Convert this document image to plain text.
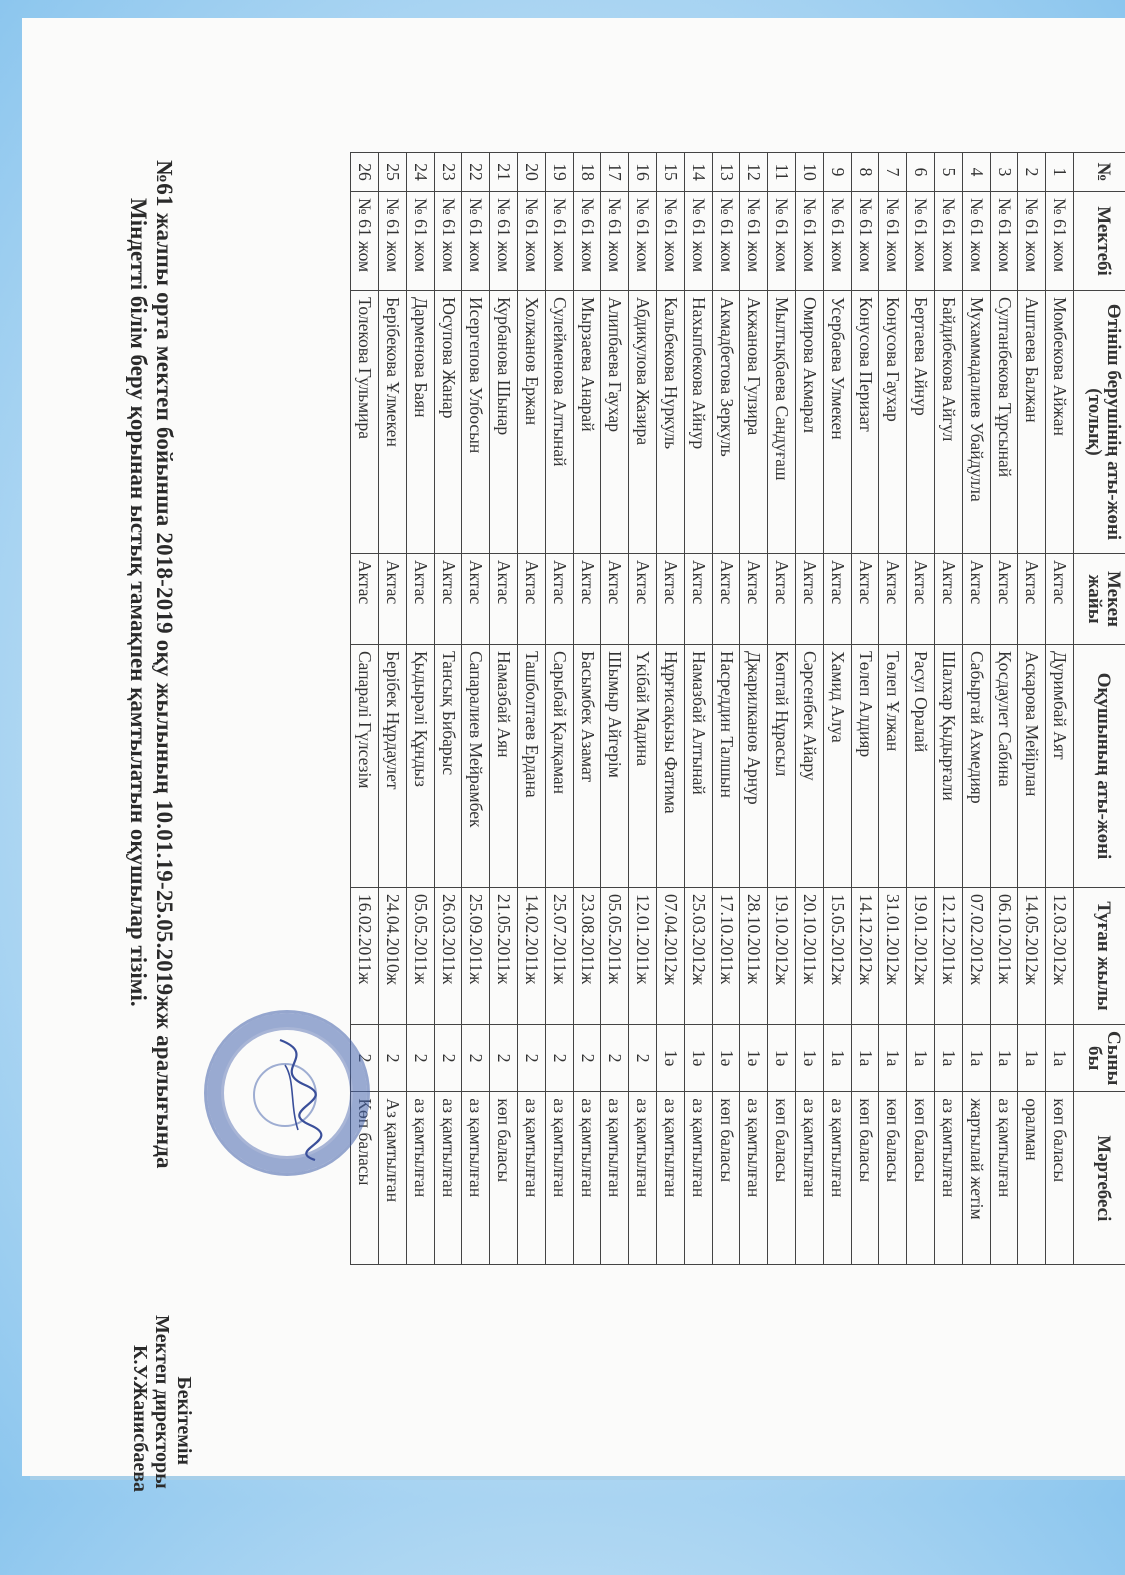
№	Мектебі	Өтініш берушінің аты-жөні (толық)	Мекен жайы	Оқушының аты-жөні	Туған жылы	Сыны бы	Мәртебесі
1	№ 61 жом	Момбекова Айжан	Актас	Дуримбай Аят	12.03.2012ж	1а	көп баласы
2	№ 61 жом	Аштаева Балжан	Актас	Аскарова Мейірлан	14.05.2012ж	1а	оралман
3	№ 61 жом	Султанбекова Тұрсынай	Актас	Қосдаулет Сабина	06.10.2011ж	1а	аз қамтылған
4	№ 61 жом	Мухаммадалиев Убайдулла	Актас	Сабыргай Ахмедияр	07.02.2012ж	1а	жартылай жетім
5	№ 61 жом	Байдибекова Айгул	Актас	Шалхар Қыдырғали	12.12.2011ж	1а	аз қамтылған
6	№ 61 жом	Бертаева Айнур	Актас	Расул Оралай	19.01.2012ж	1а	көп баласы
7	№ 61 жом	Конусова Гаухар	Актас	Төлеп Ұлжан	31.01.2012ж	1а	көп баласы
8	№ 61 жом	Конусова Перизат	Актас	Төлеп Алдияр	14.12.2012ж	1а	көп баласы
9	№ 61 жом	Усербаева Улмекен	Актас	Хамид Алуа	15.05.2012ж	1а	аз қамтылған
10	№ 61 жом	Омирова Акмарал	Актас	Сәрсенбек Айару	20.10.2011ж	1ә	аз қамтылған
11	№ 61 жом	Мылтықбаева Сандуғаш	Актас	Көптай Нұрасыл	19.10.2012ж	1ә	көп баласы
12	№ 61 жом	Акжанова Гулзира	Актас	Джарилканов Арнур	28.10.2011ж	1ә	аз қамтылған
13	№ 61 жом	Акмадбетова Зеркуль	Актас	Насреддин Талшын	17.10.2011ж	1ә	көп баласы
14	№ 61 жом	Нахыпбекова Айнур	Актас	Намазбай Алтынай	25.03.2012ж	1ә	аз қамтылған
15	№ 61 жом	Кальбекова Нуркуль	Актас	Нұрғисақызы Фатима	07.04.2012ж	1ә	аз қамтылған
16	№ 61 жом	Абдикулова Жазира	Актас	Үкібай Мадина	12.01.2011ж	2	аз қамтылған
17	№ 61 жом	Алипбаева Гаухар	Актас	Шымыр Айгерім	05.05.2011ж	2	аз қамтылған
18	№ 61 жом	Мырзаева Анарай	Актас	Басымбек Азамат	23.08.2011ж	2	аз қамтылған
19	№ 61 жом	Сулейменова Алтынай	Актас	Сарыбай Қалқаман	25.07.2011ж	2	аз қамтылған
20	№ 61 жом	Холжанов Ержан	Актас	Ташболтаев Ердана	14.02.2011ж	2	аз қамтылған
21	№ 61 жом	Курбанова Шынар	Актас	Намазбай Аян	21.05.2011ж	2	көп баласы
22	№ 61 жом	Исергепова Улбосын	Актас	Сапаралиев Мейрамбек	25.09.2011ж	2	аз қамтылған
23	№ 61 жом	Юсупова Жанар	Актас	Тансық Бибарыс	26.03.2011ж	2	аз қамтылған
24	№ 61 жом	Дарменова Баян	Актас	Қыдырәлі Құндыз	05.05.2011ж	2	аз қамтылған
25	№ 61 жом	Берібекова Ұлмекен	Актас	Берібек Нұрдаулет	24.04.2010ж	2	Аз қамтылған
26	№ 61 жом	Толекова Гульмира	Актас	Сапаралі Гүлсезім	16.02.2011ж	2	Көп баласы
№61 жалпы орта мектеп бойынша 2018-2019 оқу жылының 10.01.19-25.05.2019жж аралығында
Міндетті білім беру қорынан ыстық тамақпен қамтылатын оқушылар тізімі.
Бекітемін
Мектеп директоры
К.У.Жанисбаева
